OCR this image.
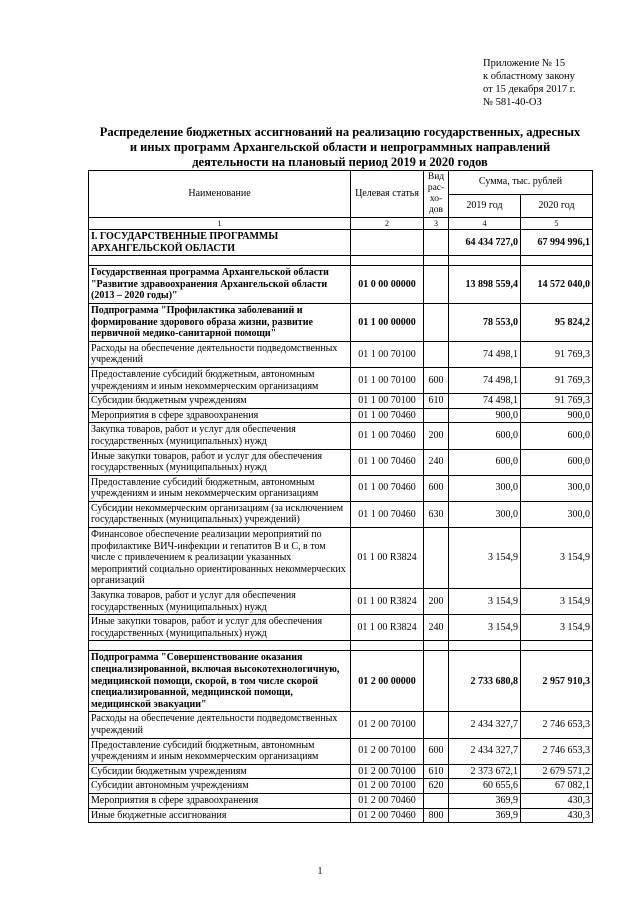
Приложение № 15
к областному закону
от 15 декабря 2017 г.
№ 581-40-ОЗ
Распределение бюджетных ассигнований на реализацию государственных, адресных
и иных программ Архангельской области и непрограммных направлений
деятельности на плановый период 2019 и 2020 годов
Наименование	Целевая статья	Вид рас-хо-дов	Сумма, тыс. рублей	
			2019 год	2020 год
1	2	3	4	5
I. ГОСУДАРСТВЕННЫЕ ПРОГРАММЫ АРХАНГЕЛЬСКОЙ ОБЛАСТИ			64 434 727,0	67 994 996,1

Государственная программа Архангельской области "Развитие здравоохранения Архангельской области (2013 – 2020 годы)"	01 0 00 00000		13 898 559,4	14 572 040,0
Подпрограмма "Профилактика заболеваний и формирование здорового образа жизни, развитие первичной медико-санитарной помощи"	01 1 00 00000		78 553,0	95 824,2
Расходы на обеспечение деятельности подведомственных учреждений	01 1 00 70100		74 498,1	91 769,3
Предоставление субсидий бюджетным, автономным учреждениям и иным некоммерческим организациям	01 1 00 70100	600	74 498,1	91 769,3
Субсидии бюджетным учреждениям	01 1 00 70100	610	74 498,1	91 769,3
Мероприятия в сфере здравоохранения	01 1 00 70460		900,0	900,0
Закупка товаров, работ и услуг для обеспечения государственных (муниципальных) нужд	01 1 00 70460	200	600,0	600,0
Иные закупки товаров, работ и услуг для обеспечения государственных (муниципальных) нужд	01 1 00 70460	240	600,0	600,0
Предоставление субсидий бюджетным, автономным учреждениям и иным некоммерческим организациям	01 1 00 70460	600	300,0	300,0
Субсидии некоммерческим организациям (за исключением государственных (муниципальных) учреждений)	01 1 00 70460	630	300,0	300,0
Финансовое обеспечение реализации мероприятий по профилактике ВИЧ-инфекции и гепатитов B и C, в том числе с привлечением к реализации указанных мероприятий социально ориентированных некоммерческих организаций	01 1 00 R3824		3 154,9	3 154,9
Закупка товаров, работ и услуг для обеспечения государственных (муниципальных) нужд	01 1 00 R3824	200	3 154,9	3 154,9
Иные закупки товаров, работ и услуг для обеспечения государственных (муниципальных) нужд	01 1 00 R3824	240	3 154,9	3 154,9

Подпрограмма "Совершенствование оказания специализированной, включая высокотехнологичную, медицинской помощи, скорой, в том числе скорой специализированной, медицинской помощи, медицинской эвакуации"	01 2 00 00000		2 733 680,8	2 957 910,3
Расходы на обеспечение деятельности подведомственных учреждений	01 2 00 70100		2 434 327,7	2 746 653,3
Предоставление субсидий бюджетным, автономным учреждениям и иным некоммерческим организациям	01 2 00 70100	600	2 434 327,7	2 746 653,3
Субсидии бюджетным учреждениям	01 2 00 70100	610	2 373 672,1	2 679 571,2
Субсидии автономным учреждениям	01 2 00 70100	620	60 655,6	67 082,1
Мероприятия в сфере здравоохранения	01 2 00 70460		369,9	430,3
Иные бюджетные ассигнования	01 2 00 70460	800	369,9	430,3
1
